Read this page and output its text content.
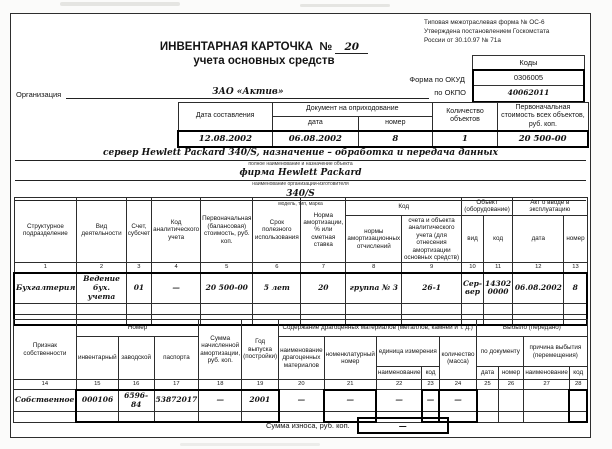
Типовая межотраслевая форма № ОС-6
Утверждена постановлением Госкомстата
России от 30.10.97 № 71а
ИНВЕНТАРНАЯ КАРТОЧКА № 20
учета основных средств	Коды
0306005
40062011
Форма по ОКУД
Организация	ЗАО «Актив»	по ОКПО
Дата составления	Документ на оприходование		Количество объектов	Первоначальная стоимость всех объектов, руб. коп.
	дата	номер		
12.08.2002	06.08.2002	8	1	20 500-00
сервер Hewlett Packard 340/S, назначение – обработка и передача данных
полное наименование и назначение объекта
фирма Hewlett Packard
наименование организации-изготовителя
340/S
модель, тип, марка
Структурное подразделение	Вид деятельности	Счет, субсчет	Код аналитического учета	Первоначальная (балансовая) стоимость, руб. коп.	Срок полезного использования	Норма амортизации, % или сметная ставка	Код		Объект (оборудование)		Акт о вводе в эксплуатацию	
							нормы амортизационных отчислений	счета и объекта аналитического учета (для отнесения амортизации основных средств)	вид	код	дата	номер
1	2	3	4	5	6	7	8	9	10	11	12	13
Бухгалтерия	Ведение бух. учета	01	—	20 500-00	5 лет	20	группа № 3	26-1	Сер-вер	14302 0000	06.08.2002	8

Признак собственности	Номер			Сумма начисленной амортизации, руб. коп.	Год выпуска (постройки)	Содержание драгоценных материалов (металлов, камней и т. д.)					Выбыло (передано)			
	инвентарный	заводской	паспорта			наименование драгоценных материалов	номенклатурный номер	единица измерения		количество (масса)	по документу		причина выбытия (перемещения)	
								наименование	код		дата	номер	наименование	код
14	15	16	17	18	19	20	21	22	23	24	25	26	27	28
Собственное	000106	6596-84	53872017	—	2001	—	—	—	—	—				

Сумма износа, руб. коп.	—
